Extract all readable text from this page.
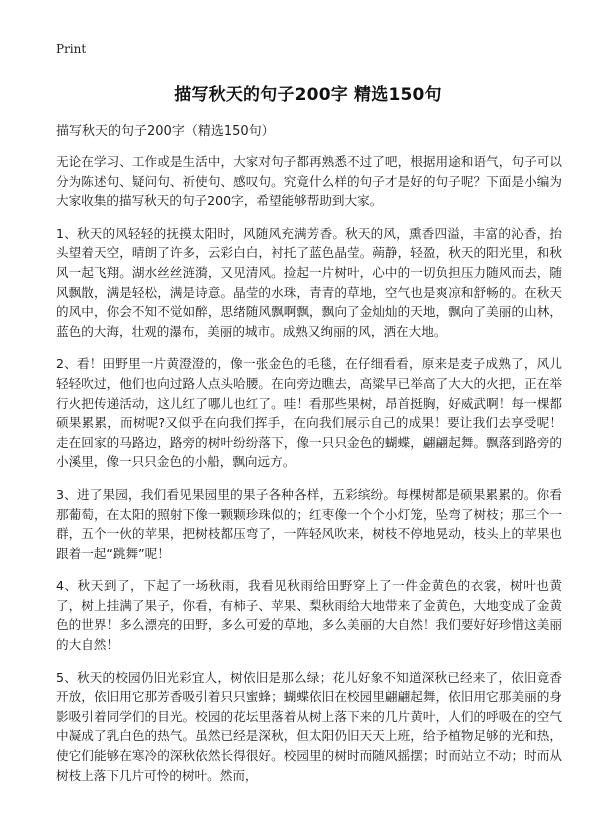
Print
描写秋天的句子200字 精选150句
描写秋天的句子200字（精选150句）

无论在学习、工作或是生活中，大家对句子都再熟悉不过了吧，根据用途和语气，句子可以分为陈述句、疑问句、祈使句、感叹句。究竟什么样的句子才是好的句子呢？下面是小编为大家收集的描写秋天的句子200字，希望能够帮助到大家。

1、秋天的风轻轻的抚摸太阳时，风随风充满芳香。秋天的风，熏香四溢，丰富的沁香，抬头望着天空，晴朗了许多，云彩白白，衬托了蓝色晶莹。蒴静，轻盈，秋天的阳光里，和秋风一起飞翔。湖水丝丝涟漪，又见清风。捡起一片树叶，心中的一切负担压力随风而去，随风飘散，满是轻松，满是诗意。晶莹的水珠，青青的草地，空气也是爽凉和舒畅的。在秋天的风中，你会不知不觉如醉，思绪随风飘啊飘，飘向了金灿灿的天地，飘向了美丽的山林，蓝色的大海，壮观的瀑布，美丽的城市。成熟又绚丽的风，洒在大地。

2、看！田野里一片黄澄澄的，像一张金色的毛毯，在仔细看看，原来是麦子成熟了，风儿轻轻吹过，他们也向过路人点头哈腰。在向旁边瞧去，高粱早已举高了大大的火把，正在举行火把传递活动，这儿红了哪儿也红了。哇！看那些果树，昂首挺胸，好威武啊！每一棵都硕果累累，而树呢?又似乎在向我们挥手，在向我们展示自己的成果！要让我们去享受呢！走在回家的马路边，路旁的树叶纷纷落下，像一只只金色的蝴蝶，翩翩起舞。飘落到路旁的小溪里，像一只只金色的小船，飘向远方。

3、进了果园，我们看见果园里的果子各种各样，五彩缤纷。每棵树都是硕果累累的。你看那葡萄，在太阳的照射下像一颗颗珍珠似的；红枣像一个个小灯笼，坠弯了树枝；那三个一群，五个一伙的苹果，把树枝都压弯了，一阵轻风吹来，树枝不停地晃动，枝头上的苹果也跟着一起“跳舞”呢！

4、秋天到了，下起了一场秋雨，我看见秋雨给田野穿上了一件金黄色的衣裳，树叶也黄了，树上挂满了果子，你看，有柿子、苹果、梨秋雨给大地带来了金黄色，大地变成了金黄色的世界！多么漂亮的田野，多么可爱的草地，多么美丽的大自然！我们要好好珍惜这美丽的大自然！

5、秋天的校园仍旧光彩宜人，树依旧是那么绿；花儿好象不知道深秋已经来了，依旧竟香开放，依旧用它那芳香吸引着只只蜜蜂；蝴蝶依旧在校园里翩翩起舞，依旧用它那美丽的身影吸引着同学们的目光。校园的花坛里落着从树上落下来的几片黄叶，人们的呼吸在的空气中凝成了乳白色的热气。虽然已经是深秋，但太阳仍旧天天上班，给予植物足够的光和热，使它们能够在寒冷的深秋依然长得很好。校园里的树时而随风摇摆；时而站立不动；时而从树枝上落下几片可怜的树叶。然而，
